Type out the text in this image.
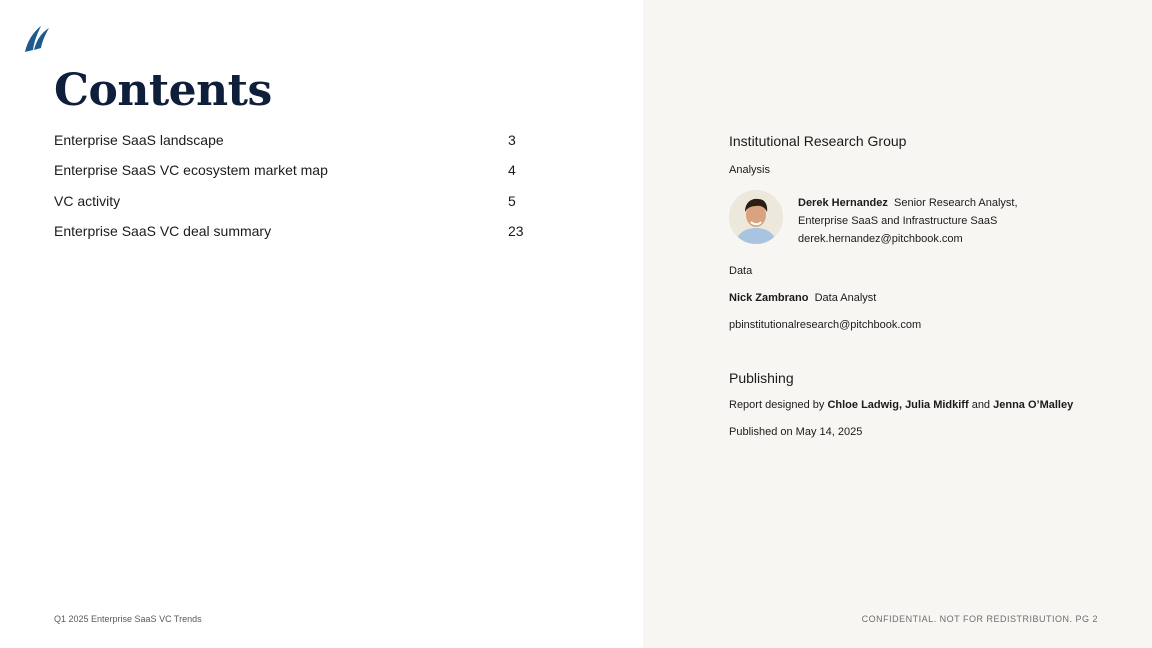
Contents
Enterprise SaaS landscape	3
Enterprise SaaS VC ecosystem market map	4
VC activity	5
Enterprise SaaS VC deal summary	23
Q1 2025 Enterprise SaaS VC Trends
Institutional Research Group
Analysis
Derek Hernandez Senior Research Analyst,
Enterprise SaaS and Infrastructure SaaS
derek.hernandez@pitchbook.com
Data
Nick Zambrano Data Analyst
pbinstitutionalresearch@pitchbook.com
Publishing
Report designed by Chloe Ladwig, Julia Midkiff and Jenna O’Malley
Published on May 14, 2025
CONFIDENTIAL. NOT FOR REDISTRIBUTION. PG 2
